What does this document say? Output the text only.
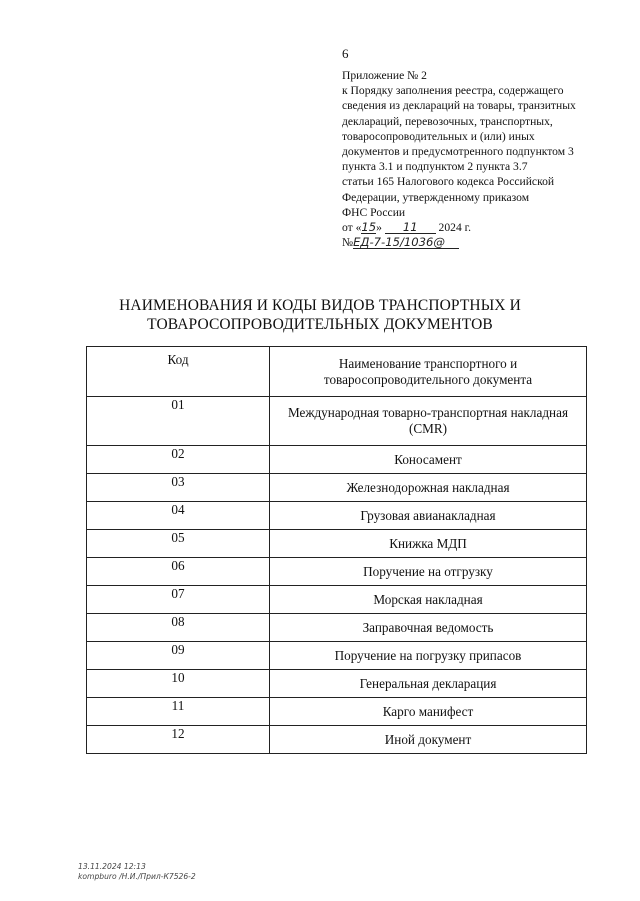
6
Приложение № 2
к Порядку заполнения реестра, содержащего
сведения из деклараций на товары, транзитных
деклараций, перевозочных, транспортных,
товаросопроводительных и (или) иных
документов и предусмотренного подпунктом 3
пункта 3.1 и подпунктом 2 пункта 3.7
статьи 165 Налогового кодекса Российской
Федерации, утвержденному приказом
ФНС России
от «15» 11 2024 г.
№ЕД-7-15/1036@
НАИМЕНОВАНИЯ И КОДЫ ВИДОВ ТРАНСПОРТНЫХ И
ТОВАРОСОПРОВОДИТЕЛЬНЫХ ДОКУМЕНТОВ
Код	Наименование транспортного и
товаросопроводительного документа

01	Международная товарно-транспортная накладная
(CMR)

02	Коносамент
03	Железнодорожная накладная
04	Грузовая авианакладная
05	Книжка МДП
06	Поручение на отгрузку
07	Морская накладная
08	Заправочная ведомость
09	Поручение на погрузку припасов
10	Генеральная декларация
11	Карго манифест
12	Иной документ
13.11.2024 12:13
kompburo /Н.И./Прил-К7526-2
